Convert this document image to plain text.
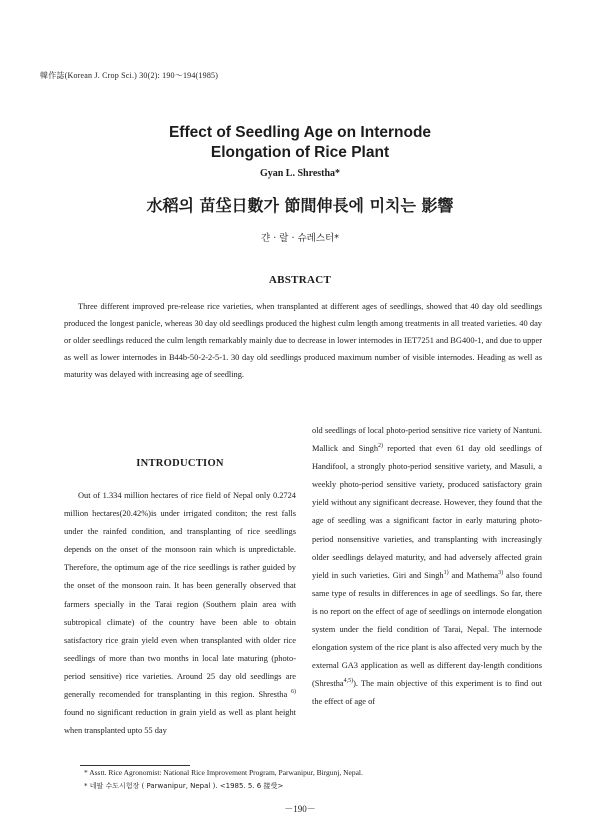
韓作誌(Korean J. Crop Sci.) 30(2): 190～194(1985)
Effect of Seedling Age on Internode
Elongation of Rice Plant
Gyan L. Shrestha*
水稻의 苗垈日數가 節間伸長에 미치는 影響
갼 · 랄 · 슈레스터*
ABSTRACT

Three different improved pre-release rice varieties, when transplanted at different ages of seedlings, showed that 40 day old seedlings produced the longest panicle, whereas 30 day old seedlings produced the highest culm length among treatments in all treated varieties. 40 day or older seedlings reduced the culm length remarkably mainly due to decrease in lower internodes in IET7251 and BG400-1, and due to upper as well as lower internodes in B44b-50-2-2-5-1. 30 day old seedlings produced maximum number of visible internodes. Heading as well as maturity was delayed with increasing age of seedling.

INTRODUCTION

Out of 1.334 million hectares of rice field of Nepal only 0.2724 million hectares(20.42%)is under irrigated conditon; the rest falls under the rainfed condition, and transplanting of rice seedlings depends on the onset of the monsoon rain which is unpredictable. Therefore, the optimum age of the rice seedlings is rather guided by the onset of the monsoon rain. It has been generally observed that farmers specially in the Tarai region (Southern plain area with subtropical climate) of the country have been able to obtain satisfactory rice grain yield even when transplanted with older rice seedlings of more than two months in local late maturing (photo-period sensitive) rice varieties. Around 25 day old seedlings are generally recomended for transplanting in this region. Shrestha $^{6)}$ found no significant reduction in grain yield as well as plant height when transplanted upto 55 day

old seedlings of local photo-period sensitive rice variety of Nantuni. Mallick and Singh$^{2)}$ reported that even 61 day old seedlings of Handifool, a strongly photo-period sensitive variety, and Masuli, a weekly photo-period sensitive variety, produced satisfactory grain yield without any significant decrease. However, they found that the age of seedling was a significant factor in early maturing photo-period nonsensitive varieties, and transplanting with increasingly older seedlings delayed maturity, and had adversely affected grain yield in such varieties. Giri and Singh$^{1)}$ and Mathema$^{3)}$ also found same type of results in differences in age of seedlings. So far, there is no report on the effect of age of seedlings on internode elongation system under the field condition of Tarai, Nepal. The internode elongation system of the rice plant is also affected very much by the external GA3 application as well as different day-length conditions (Shrestha$^{4,5)}$). The main objective of this experiment is to find out the effect of age of

* Asstt. Rice Agronomist: National Rice Improvement Program, Parwanipur, Birgunj, Nepal.
* 네팔 수도시험장 ( Parwanipur, Nepal ). <1985. 5. 6 接受>
－190－
